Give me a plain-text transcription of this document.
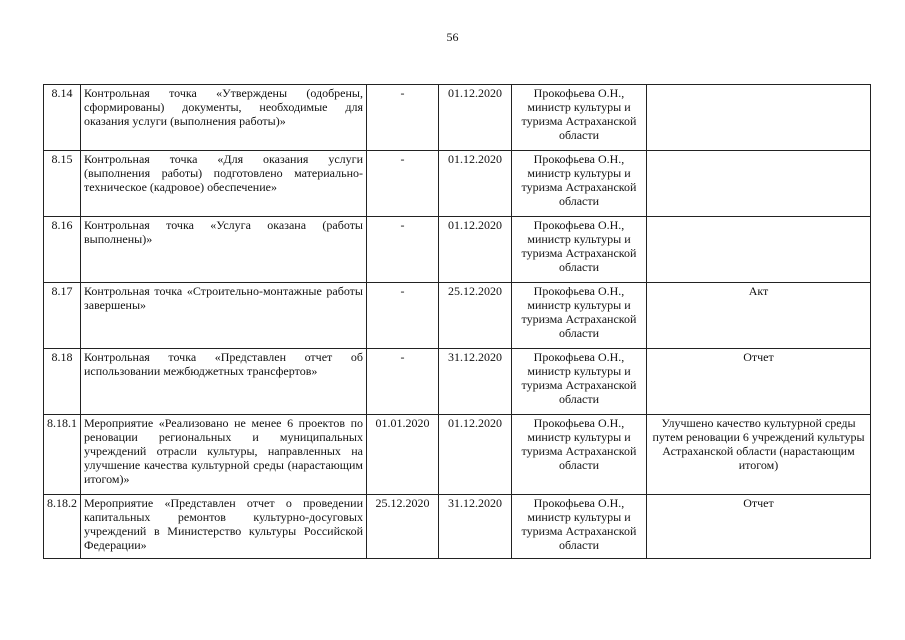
56
8.14	Контрольная точка «Утверждены (одобрены, сформированы) документы, необходимые для оказания услуги (выполнения работы)»	-	01.12.2020	Прокофьева О.Н., министр культуры и туризма Астраханской области	
8.15	Контрольная точка «Для оказания услуги (выполнения работы) подготовлено материально-техническое (кадровое) обеспечение»	-	01.12.2020	Прокофьева О.Н., министр культуры и туризма Астраханской области	
8.16	Контрольная точка «Услуга оказана (работы выполнены)»	-	01.12.2020	Прокофьева О.Н., министр культуры и туризма Астраханской области	
8.17	Контрольная точка «Строительно-монтажные работы завершены»	-	25.12.2020	Прокофьева О.Н., министр культуры и туризма Астраханской области	Акт
8.18	Контрольная точка «Представлен отчет об использовании межбюджетных трансфертов»	-	31.12.2020	Прокофьева О.Н., министр культуры и туризма Астраханской области	Отчет
8.18.1	Мероприятие «Реализовано не менее 6 проектов по реновации региональных и муниципальных учреждений отрасли культуры, направленных на улучшение качества культурной среды (нарастающим итогом)»	01.01.2020	01.12.2020	Прокофьева О.Н., министр культуры и туризма Астраханской области	Улучшено качество культурной среды путем реновации 6 учреждений культуры Астраханской области (нарастающим итогом)
8.18.2	Мероприятие «Представлен отчет о проведении капитальных ремонтов культурно-досуговых учреждений в Министерство культуры Российской Федерации»	25.12.2020	31.12.2020	Прокофьева О.Н., министр культуры и туризма Астраханской области	Отчет
